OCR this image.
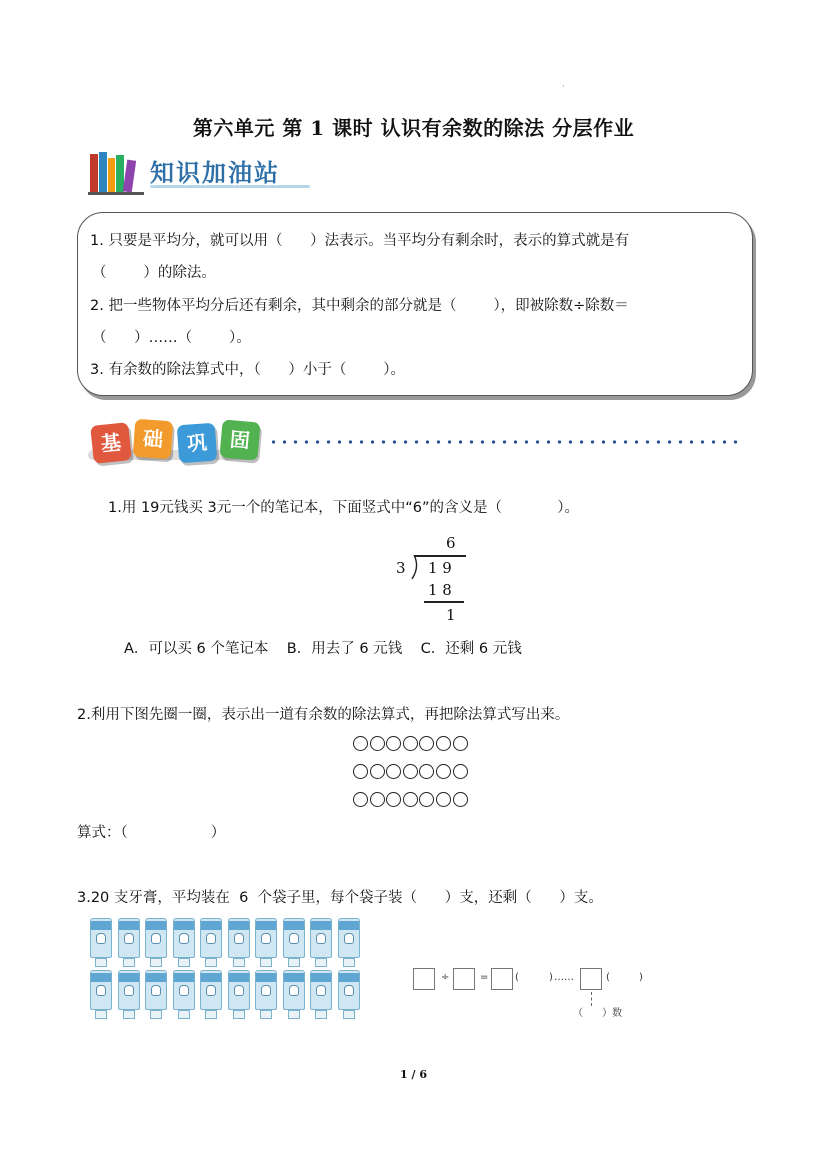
·
第六单元 第 1 课时 认识有余数的除法 分层作业
知识加油站
1. 只要是平均分，就可以用（      ）法表示。当平均分有剩余时，表示的算式就是有
（        ）的除法。
2. 把一些物体平均分后还有剩余，其中剩余的部分就是（        ），即被除数÷除数＝
（      ）……（        ）。
3. 有余数的除法算式中，（      ）小于（        ）。
基 础	巩	固
1.用 19元钱买 3元一个的笔记本，下面竖式中“6”的含义是（            ）。
6
3 1 9
1 8
1
A．可以买 6 个笔记本    B．用去了 6 元钱    C．还剩 6 元钱
2.利用下图先圈一圈，表示出一道有余数的除法算式，再把除法算式写出来。
算式：（                  ）
3.20 支牙膏，平均装在  6  个袋子里，每个袋子装（      ）支，还剩（      ）支。
÷	=	(	) ……	(	)
（      ）数
1 / 6
